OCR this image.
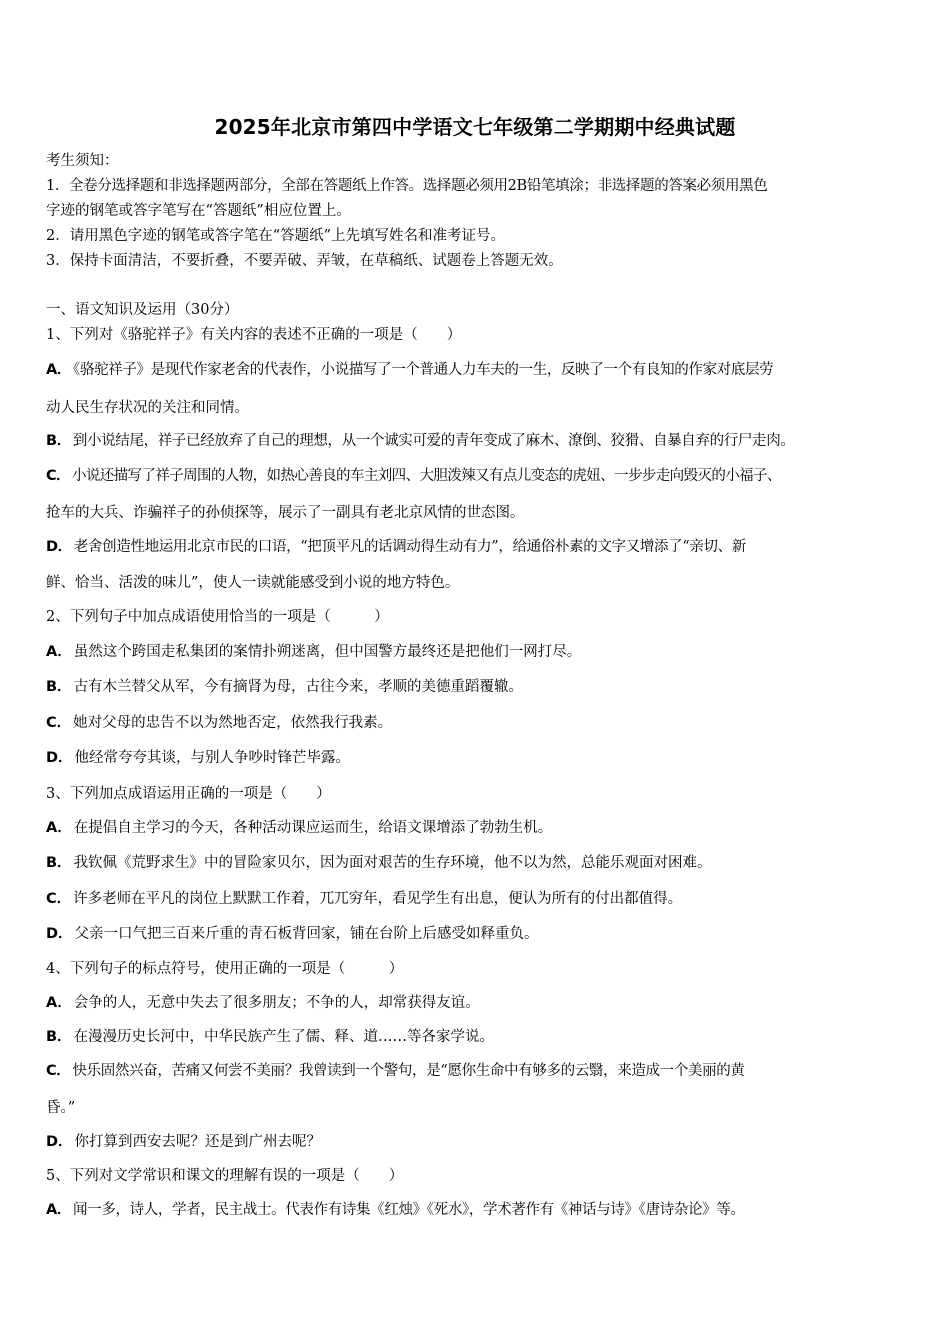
2025年北京市第四中学语文七年级第二学期期中经典试题
考生须知：
1．全卷分选择题和非选择题两部分，全部在答题纸上作答。选择题必须用2B铅笔填涂；非选择题的答案必须用黑色
字迹的钢笔或答字笔写在“答题纸”相应位置上。
2．请用黑色字迹的钢笔或答字笔在“答题纸”上先填写姓名和准考证号。
3．保持卡面清洁，不要折叠，不要弄破、弄皱，在草稿纸、试题卷上答题无效。
一、语文知识及运用（30分）
1、下列对《骆驼祥子》有关内容的表述不正确的一项是（　　）
A． 《骆驼祥子》是现代作家老舍的代表作，小说描写了一个普通人力车夫的一生，反映了一个有良知的作家对底层劳
动人民生存状况的关注和同情。
B． 到小说结尾，祥子已经放弃了自己的理想，从一个诚实可爱的青年变成了麻木、潦倒、狡猾、自暴自弃的行尸走肉。
C． 小说还描写了祥子周围的人物，如热心善良的车主刘四、大胆泼辣又有点儿变态的虎妞、一步步走向毁灭的小福子、
抢车的大兵、诈骗祥子的孙侦探等，展示了一副具有老北京风情的世态图。
D． 老舍创造性地运用北京市民的口语，“把顶平凡的话调动得生动有力”，给通俗朴素的文字又增添了“亲切、新
鲜、恰当、活泼的味儿”，使人一读就能感受到小说的地方特色。
2、下列句子中加点成语使用恰当的一项是（　　　）
A． 虽然这个跨国走私集团的案情扑朔迷离，但中国警方最终还是把他们一网打尽。
B． 古有木兰替父从军，今有摘肾为母，古往今来，孝顺的美德重蹈覆辙。
C． 她对父母的忠告不以为然地否定，依然我行我素。
D． 他经常夸夸其谈，与别人争吵时锋芒毕露。
3、下列加点成语运用正确的一项是（　　）
A． 在提倡自主学习的今天，各种活动课应运而生，给语文课增添了勃勃生机。
B． 我钦佩《荒野求生》中的冒险家贝尔，因为面对艰苦的生存环境，他不以为然，总能乐观面对困难。
C． 许多老师在平凡的岗位上默默工作着，兀兀穷年，看见学生有出息，便认为所有的付出都值得。
D． 父亲一口气把三百来斤重的青石板背回家，铺在台阶上后感受如释重负。
4、下列句子的标点符号，使用正确的一项是（　　　）
A． 会争的人，无意中失去了很多朋友；不争的人，却常获得友谊。
B． 在漫漫历史长河中，中华民族产生了儒、释、道……等各家学说。
C． 快乐固然兴奋，苦痛又何尝不美丽？我曾读到一个警句，是“愿你生命中有够多的云翳，来造成一个美丽的黄
昏。”
D． 你打算到西安去呢？还是到广州去呢？
5、下列对文学常识和课文的理解有误的一项是（　　）
A． 闻一多，诗人，学者，民主战士。代表作有诗集《红烛》《死水》，学术著作有《神话与诗》《唐诗杂论》等。
